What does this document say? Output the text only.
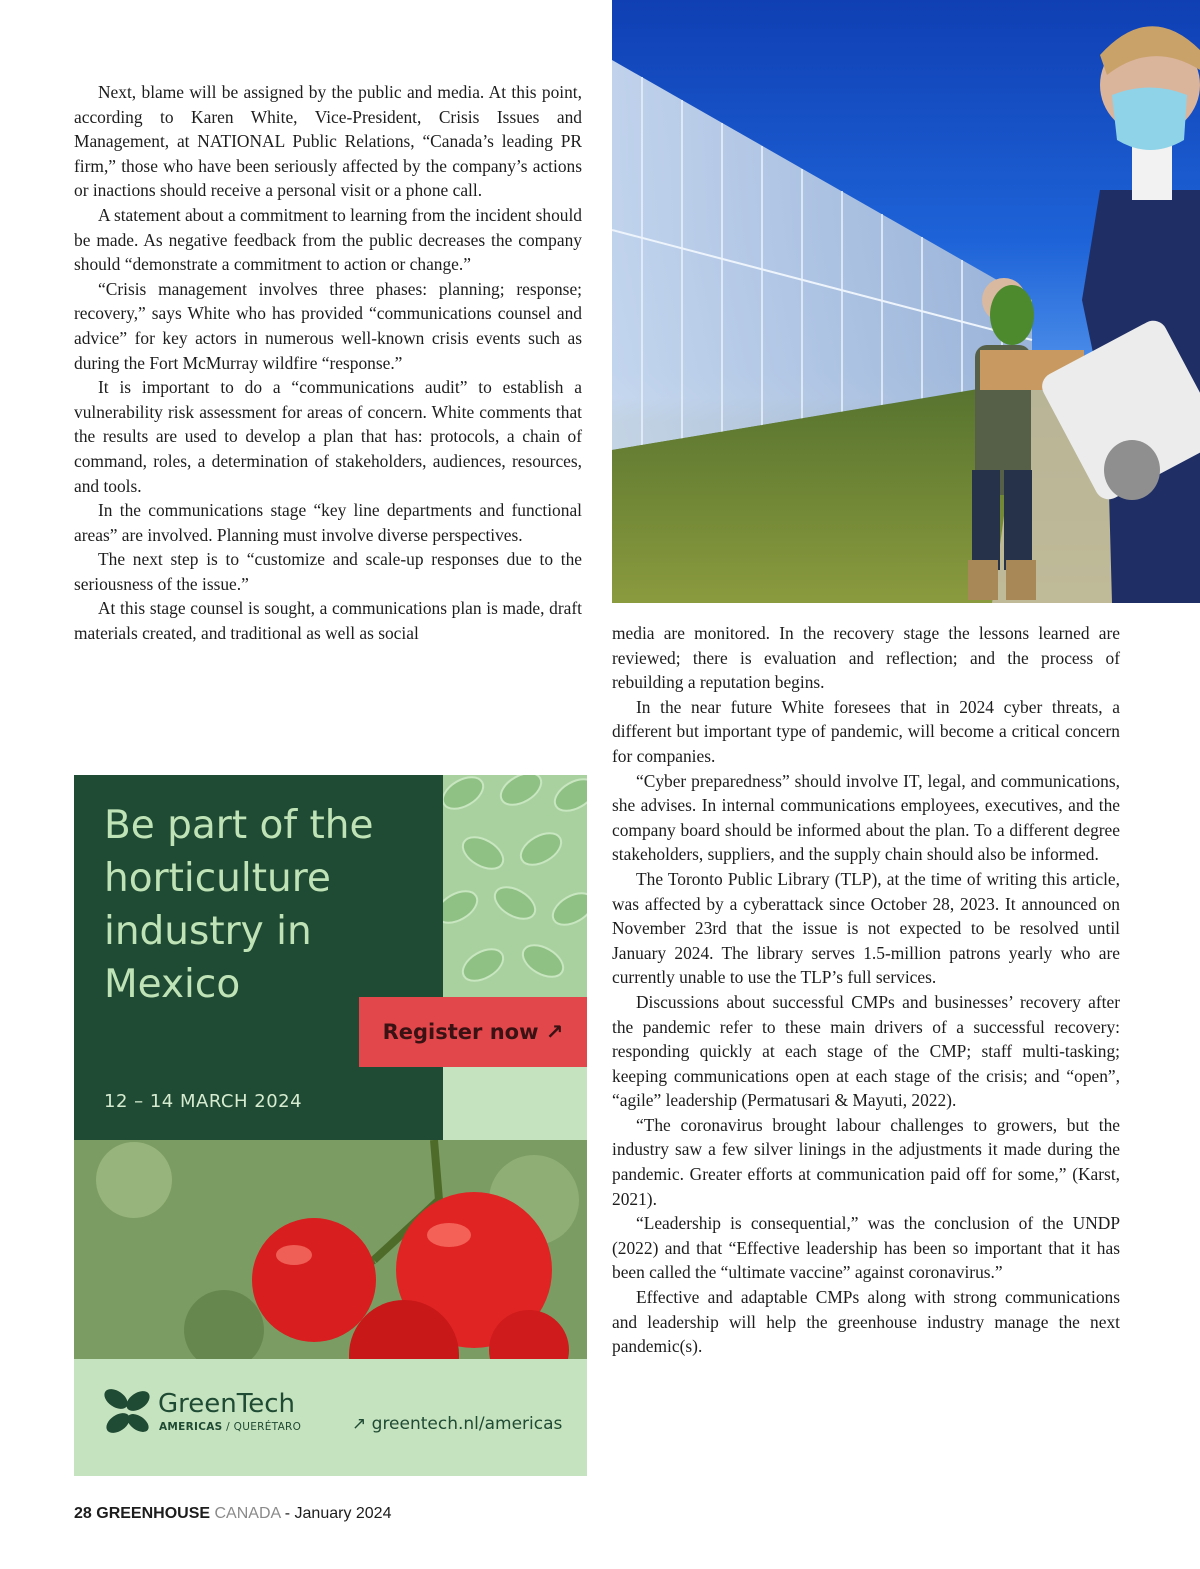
Next, blame will be assigned by the public and media. At this point, according to Karen White, Vice-President, Crisis Issues and Management, at NATIONAL Public Relations, “Canada’s leading PR firm,” those who have been seriously affected by the company’s actions or inactions should receive a personal visit or a phone call.

A statement about a commitment to learning from the incident should be made. As negative feedback from the public decreases the company should “demonstrate a commitment to action or change.”

“Crisis management involves three phases: planning; response; recovery,” says White who has provided “communications counsel and advice” for key actors in numerous well-known crisis events such as during the Fort McMurray wildfire “response.”

It is important to do a “communications audit” to establish a vulnerability risk assessment for areas of concern. White comments that the results are used to develop a plan that has: protocols, a chain of command, roles, a determination of stakeholders, audiences, resources, and tools.

In the communications stage “key line departments and functional areas” are involved. Planning must involve diverse perspectives.

The next step is to “customize and scale-up responses due to the seriousness of the issue.”

At this stage counsel is sought, a communications plan is made, draft materials created, and traditional as well as social	media are monitored. In the recovery stage the lessons learned are reviewed; there is evaluation and reflection; and the process of rebuilding a reputation begins.

In the near future White foresees that in 2024 cyber threats, a different but important type of pandemic, will become a critical concern for companies.

“Cyber preparedness” should involve IT, legal, and communications, she advises. In internal communications employees, executives, and the company board should be informed about the plan. To a different degree stakeholders, suppliers, and the supply chain should also be informed.

The Toronto Public Library (TLP), at the time of writing this article, was affected by a cyberattack since October 28, 2023. It announced on November 23rd that the issue is not expected to be resolved until January 2024. The library serves 1.5-million patrons yearly who are currently unable to use the TLP’s full services.

Discussions about successful CMPs and businesses’ recovery after the pandemic refer to these main drivers of a successful recovery: responding quickly at each stage of the CMP; staff multi-tasking; keeping communications open at each stage of the crisis; and “open”, “agile” leadership (Permatusari & Mayuti, 2022).

“The coronavirus brought labour challenges to growers, but the industry saw a few silver linings in the adjustments it made during the pandemic. Greater efforts at communication paid off for some,” (Karst, 2021).

“Leadership is consequential,” was the conclusion of the UNDP (2022) and that “Effective leadership has been so important that it has been called the “ultimate vaccine” against coronavirus.”

Effective and adaptable CMPs along with strong communications and leadership will help the greenhouse industry manage the next pandemic(s).

Be part of the horticulture industry in Mexico
12 – 14 MARCH 2024
Register now ↗
GreenTech
AMERICAS / QUERÉTARO	↗ greentech.nl/americas
28 GREENHOUSE CANADA - January 2024
